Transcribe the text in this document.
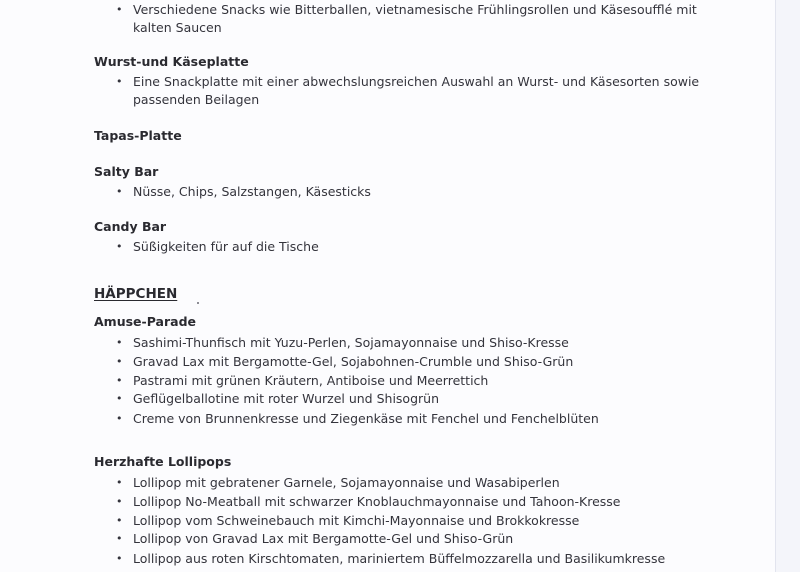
• Verschiedene Snacks wie Bitterballen, vietnamesische Frühlingsrollen und Käsesoufflé mit kalten Saucen
Wurst-und Käseplatte
• Eine Snackplatte mit einer abwechslungsreichen Auswahl an Wurst- und Käsesorten sowie passenden Beilagen
Tapas-Platte
Salty Bar
• Nüsse, Chips, Salzstangen, Käsesticks
Candy Bar
• Süßigkeiten für auf die Tische
HÄPPCHEN
Amuse-Parade
• Sashimi-Thunfisch mit Yuzu-Perlen, Sojamayonnaise und Shiso-Kresse
• Gravad Lax mit Bergamotte-Gel, Sojabohnen-Crumble und Shiso-Grün
• Pastrami mit grünen Kräutern, Antiboise und Meerrettich
• Geflügelballotine mit roter Wurzel und Shisogrün
• Creme von Brunnenkresse und Ziegenkäse mit Fenchel und Fenchelblüten
Herzhafte Lollipops
• Lollipop mit gebratener Garnele, Sojamayonnaise und Wasabiperlen
• Lollipop No-Meatball mit schwarzer Knoblauchmayonnaise und Tahoon-Kresse
• Lollipop vom Schweinebauch mit Kimchi-Mayonnaise und Brokkokresse
• Lollipop von Gravad Lax mit Bergamotte-Gel und Shiso-Grün
• Lollipop aus roten Kirschtomaten, mariniertem Büffelmozzarella und Basilikumkresse
